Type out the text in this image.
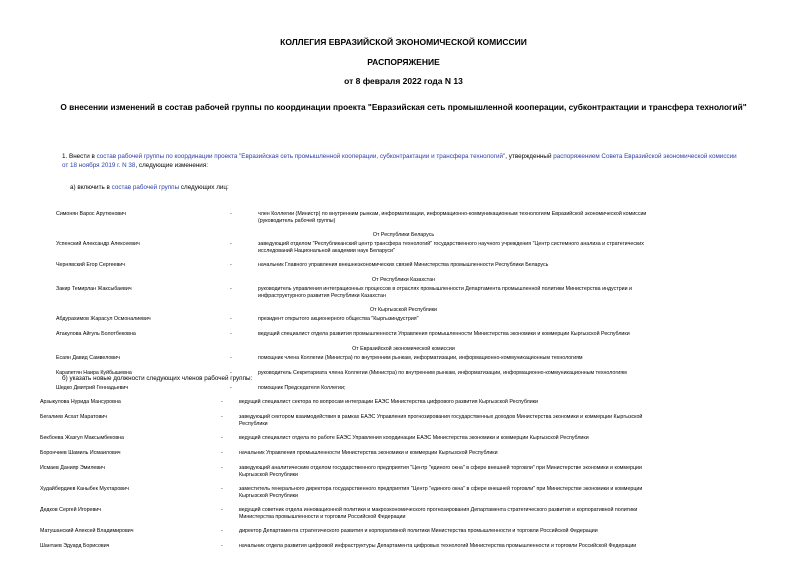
КОЛЛЕГИЯ ЕВРАЗИЙСКОЙ ЭКОНОМИЧЕСКОЙ КОМИССИИ
РАСПОРЯЖЕНИЕ
от 8 февраля 2022 года N 13
О внесении изменений в состав рабочей группы по координации проекта "Евразийская сеть промышленной кооперации, субконтрактации и трансфера технологий"
1. Внести в состав рабочей группы по координации проекта "Евразийская сеть промышленной кооперации, субконтрактации и трансфера технологий", утвержденный распоряжением Совета Евразийской экономической комиссии от 18 ноября 2019 г. N 38, следующие изменения:
а) включить в состав рабочей группы следующих лиц:
Симонян Варос Арутюнович	-	член Коллегии (Министр) по внутренним рынкам, информатизации, информационно-коммуникационным технологиям Евразийской экономической комиссии
(руководитель рабочей группы)
От Республики Беларусь
Успенский Александр Алексеевич	-	заведующий отделом "Республиканский центр трансфера технологий" государственного научного учреждения "Центр системного анализа и стратегических
исследований Национальной академии наук Беларуси"
Чернявский Егор Сергеевич	-	начальник Главного управления внешнеэкономических связей Министерства промышленности Республики Беларусь
От Республики Казахстан
Закир Темирлан Жаксыбаевич	-	руководитель управления интеграционных процессов в отраслях промышленности Департамента промышленной политики Министерства индустрии и
инфраструктурного развития Республики Казахстан
От Кыргызской Республики
Абдурахимов Жарасул Осмоналиевич	-	президент открытого акционерного общества "Кыргызиндустрия"
Атакулова Айгуль Болотбековна	-	ведущий специалист отдела развития промышленности Управления промышленности Министерства экономики и коммерции Кыргызской Республики
От Евразийской экономической комиссии
Есаян Давид Самвелович	-	помощник члена Коллегии (Министра) по внутренним рынкам, информатизации, информационно-коммуникационным технологиям
Карапетян Наира Куйбышевна	-	руководитель Секретариата члена Коллегии (Министра) по внутренним рынкам, информатизации, информационно-коммуникационным технологиям
Шедко Дмитрий Геннадьевич	-	помощник Председателя Коллегии;
б) указать новые должности следующих членов рабочей группы:
Арзыкулова Нурида Мансуровна	-	ведущий специалист сектора по вопросам интеграции ЕАЭС Министерства цифрового развития Кыргызской Республики
Бегалиев Асхат Маратович	-	заведующий сектором взаимодействия в рамках ЕАЭС Управления прогнозирования государственных доходов Министерства экономики и коммерции Кыргызской
Республики
Бекбоева Жазгул Максымбековна	-	ведущий специалист отдела по работе ЕАЭС Управления координации ЕАЭС Министерства экономики и коммерции Кыргызской Республики
Борончиев Шамиль Исмаилович	-	начальник Управления промышленности Министерства экономики и коммерции Кыргызской Республики
Исмаев Данияр Эмилевич	-	заведующий аналитическим отделом государственного предприятия "Центр "единого окна" в сфере внешней торговли" при Министерстве экономики и коммерции
Кыргызской Республики
Худайбердиев Каныбек Мухтарович	-	заместитель генерального директора государственного предприятия "Центр "единого окна" в сфере внешней торговли" при Министерстве экономики и коммерции
Кыргызской Республики
Дедков Сергей Игоревич	-	ведущий советник отдела инновационной политики и макроэкономического прогнозирования Департамента стратегического развития и корпоративной политики
Министерства промышленности и торговли Российской Федерации
Матушанский Алексей Владимирович	-	директор Департамента стратегического развития и корпоративной политики Министерства промышленности и торговли Российской Федерации
Шантаев Эдуард Борисович	-	начальник отдела развития цифровой инфраструктуры Департамента цифровых технологий Министерства промышленности и торговли Российской Федерации
